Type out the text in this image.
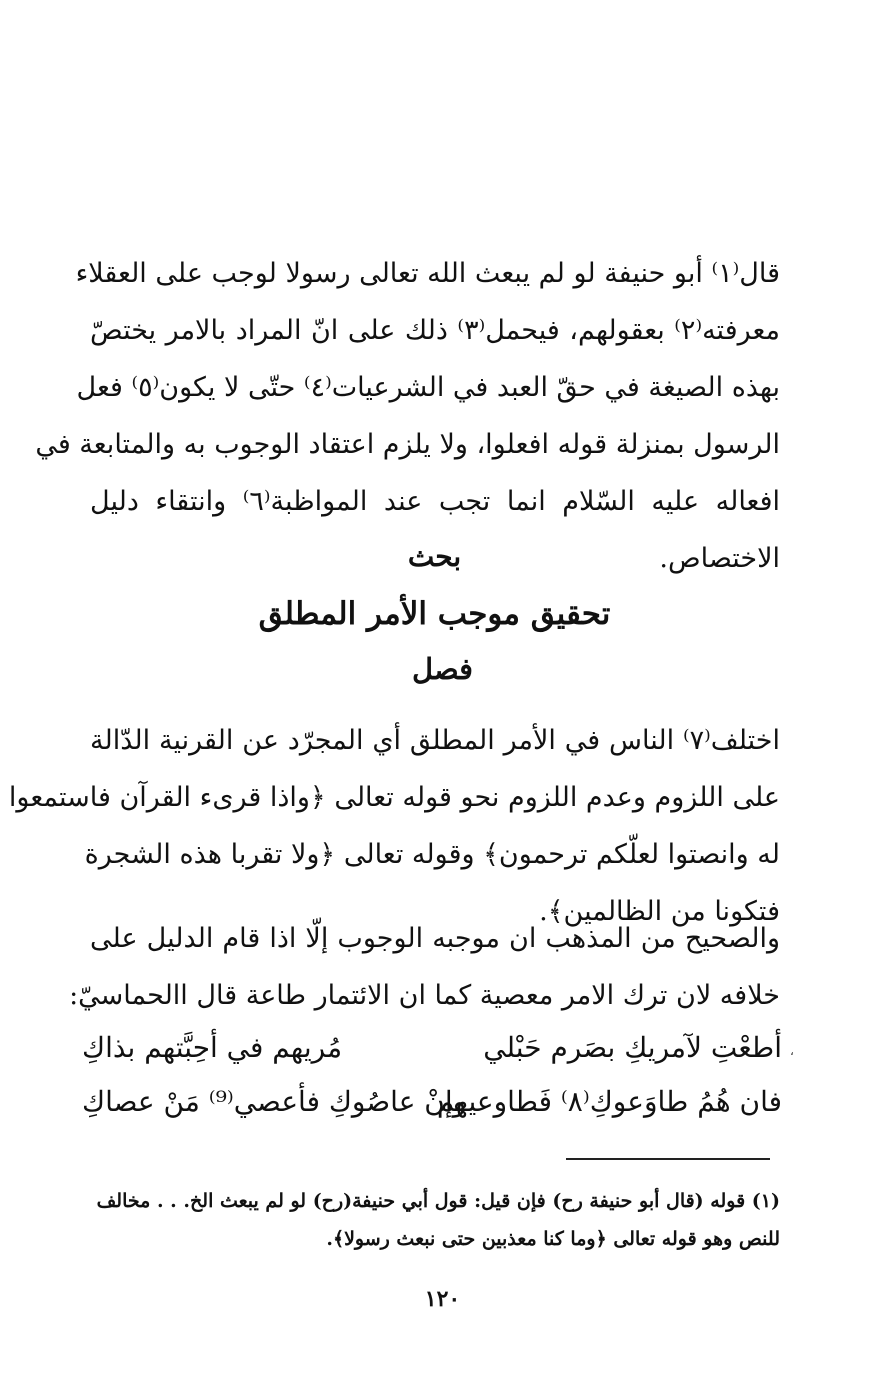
قال⁽١⁾ أبو حنيفة لو لم يبعث الله تعالى رسولا لوجب على العقلاء
معرفته⁽٢⁾ بعقولهم، فيحمل⁽٣⁾ ذلك على انّ المراد بالامر يختصّ
بهذه الصيغة في حقّ العبد في الشرعيات⁽٤⁾ حتّى لا يكون⁽٥⁾ فعل
الرسول بمنزلة قوله افعلوا، ولا يلزم اعتقاد الوجوب به والمتابعة في
افعاله عليه السّلام انما تجب عند المواظبة⁽٦⁾ وانتقاء دليل
الاختصاص.
بحث
تحقيق موجب الأمر المطلق
فصل
اختلف⁽٧⁾ الناس في الأمر المطلق أي المجرّد عن القرنية الدّالة
على اللزوم وعدم اللزوم نحو قوله تعالى ﴿واذا قرىء القرآن فاستمعوا
له وانصتوا لعلّكم ترحمون﴾ وقوله تعالى ﴿ولا تقربا هذه الشجرة
فتكونا من الظالمين﴾.
والصحيح من المذهب ان موجبه الوجوب إلّا اذا قام الدليل على
خلافه لان ترك الامر معصية كما ان الائتمار طاعة قال االحماسيّ:
أطعْتِ لآمريكِ بصَرم حَبْلي
مُريهم في أحِبَّتهم بذاكِ
فان هُمُ طاوَعوكِ⁽٨⁾ فَطاوعيهم
وإنْ عاصُوكِ فأعصي⁽⁹⁾ مَنْ عصاكِ
،
(١) قوله (قال أبو حنيفة رح) فإن قيل: قول أبي حنيفة(رح) لو لم يبعث الخ. . . مخالف
للنص وهو قوله تعالى ﴿وما كنا معذبين حتى نبعث رسولا﴾.
١٢٠
